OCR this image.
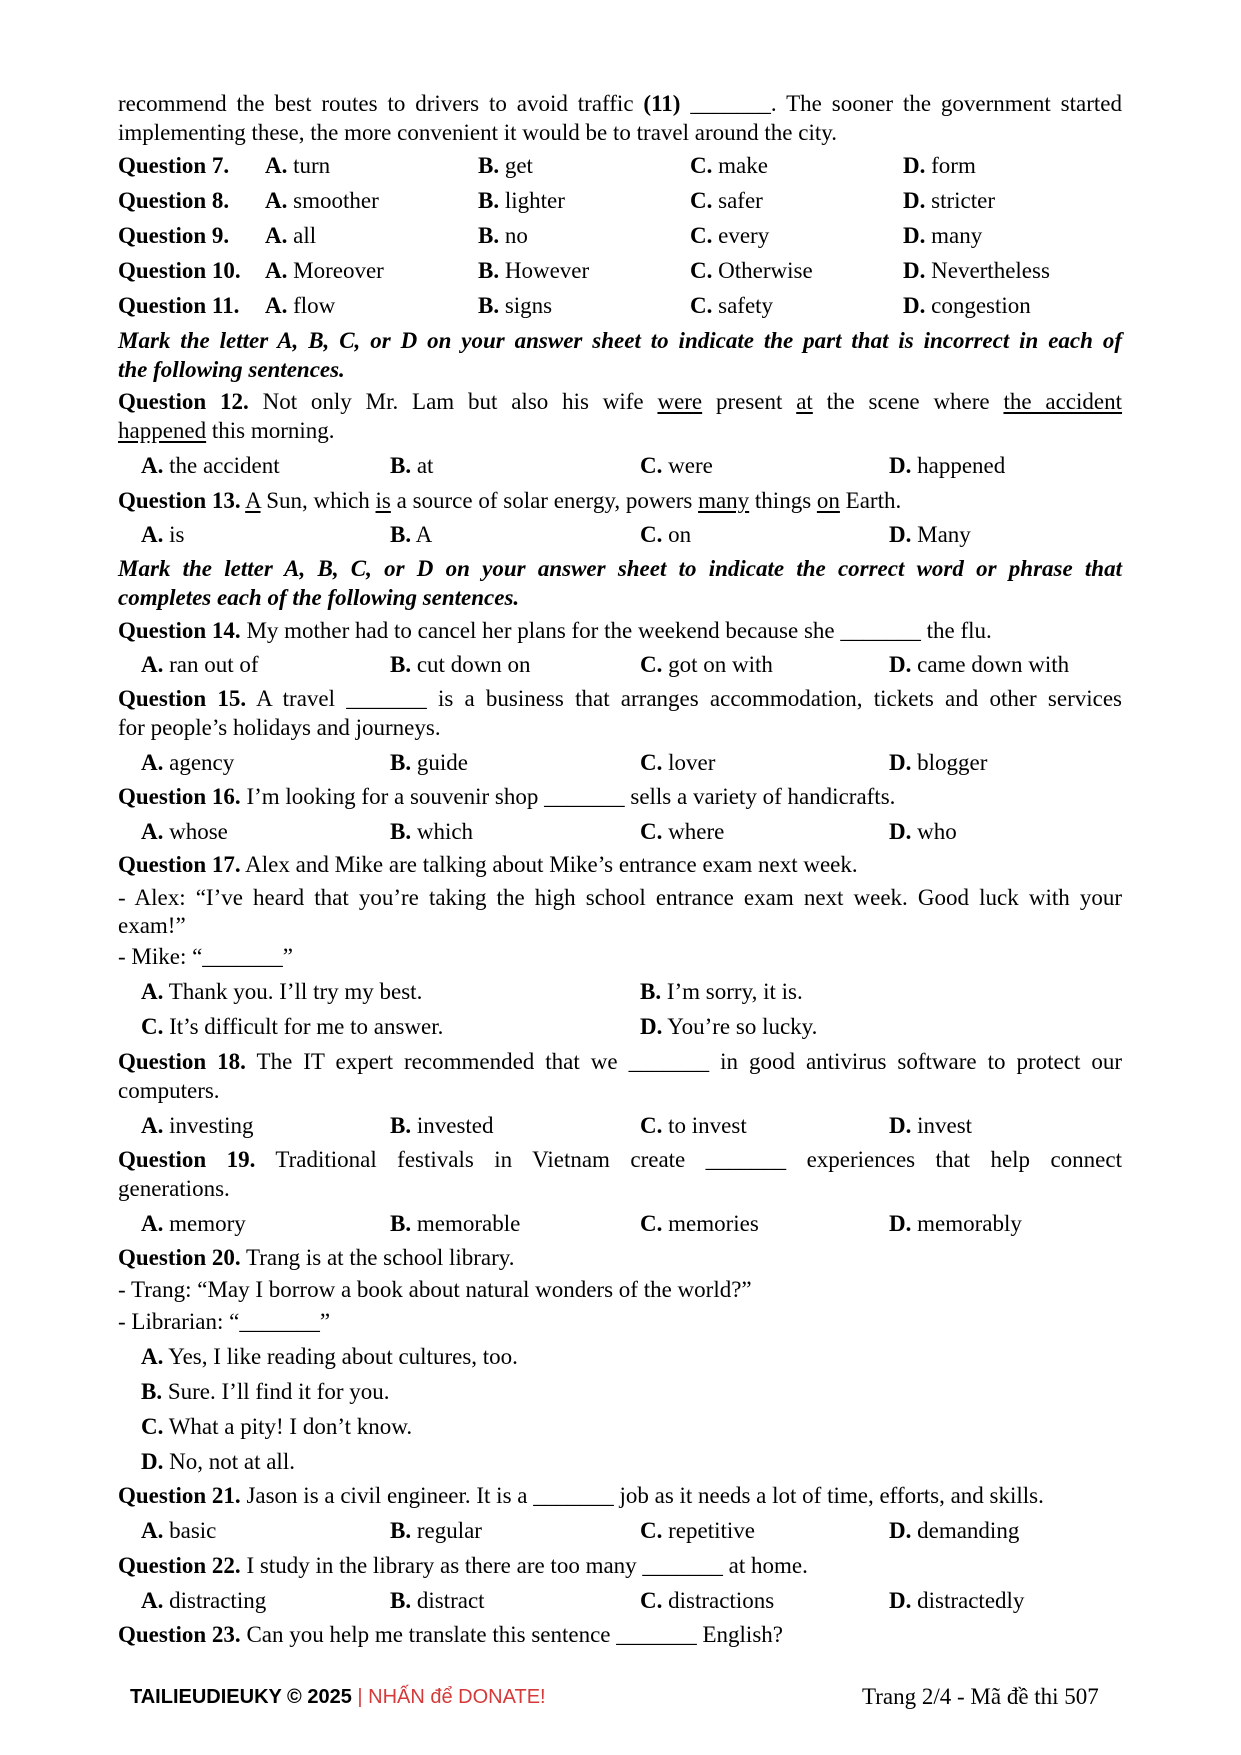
recommend the best routes to drivers to avoid traffic (11) _______. The sooner the government started
implementing these, the more convenient it would be to travel around the city.
Question 7. A. turn	B. get	C. make	D. form
Question 8. A. smoother	B. lighter	C. safer	D. stricter
Question 9. A. all	B. no	C. every	D. many
Question 10. A. Moreover	B. However	C. Otherwise	D. Nevertheless
Question 11. A. flow	B. signs	C. safety	D. congestion
Mark the letter A, B, C, or D on your answer sheet to indicate the part that is incorrect in each of
the following sentences.
Question 12. Not only Mr. Lam but also his wife were present at the scene where the accident
happened this morning.
A. the accident	B. at	C. were	D. happened
Question 13. A Sun, which is a source of solar energy, powers many things on Earth.
A. is	B. A	C. on	D. Many
Mark the letter A, B, C, or D on your answer sheet to indicate the correct word or phrase that
completes each of the following sentences.
Question 14. My mother had to cancel her plans for the weekend because she _______ the flu.
A. ran out of	B. cut down on	C. got on with	D. came down with
Question 15. A travel _______ is a business that arranges accommodation, tickets and other services
for people’s holidays and journeys.
A. agency	B. guide	C. lover	D. blogger
Question 16. I’m looking for a souvenir shop _______ sells a variety of handicrafts.
A. whose	B. which	C. where	D. who
Question 17. Alex and Mike are talking about Mike’s entrance exam next week.
- Alex: “I’ve heard that you’re taking the high school entrance exam next week. Good luck with your
exam!”
- Mike: “_______”
A. Thank you. I’ll try my best.	B. I’m sorry, it is.
C. It’s difficult for me to answer.	D. You’re so lucky.
Question 18. The IT expert recommended that we _______ in good antivirus software to protect our
computers.
A. investing	B. invested	C. to invest	D. invest
Question 19. Traditional festivals in Vietnam create _______ experiences that help connect
generations.
A. memory	B. memorable	C. memories	D. memorably
Question 20. Trang is at the school library.
- Trang: “May I borrow a book about natural wonders of the world?”
- Librarian: “_______”
A. Yes, I like reading about cultures, too.
B. Sure. I’ll find it for you.
C. What a pity! I don’t know.
D. No, not at all.
Question 21. Jason is a civil engineer. It is a _______ job as it needs a lot of time, efforts, and skills.
A. basic	B. regular	C. repetitive	D. demanding
Question 22. I study in the library as there are too many _______ at home.
A. distracting	B. distract	C. distractions	D. distractedly
Question 23. Can you help me translate this sentence _______ English?
TAILIEUDIEUKY © 2025 | NHẤN để DONATE!	Trang 2/4 - Mã đề thi 507
